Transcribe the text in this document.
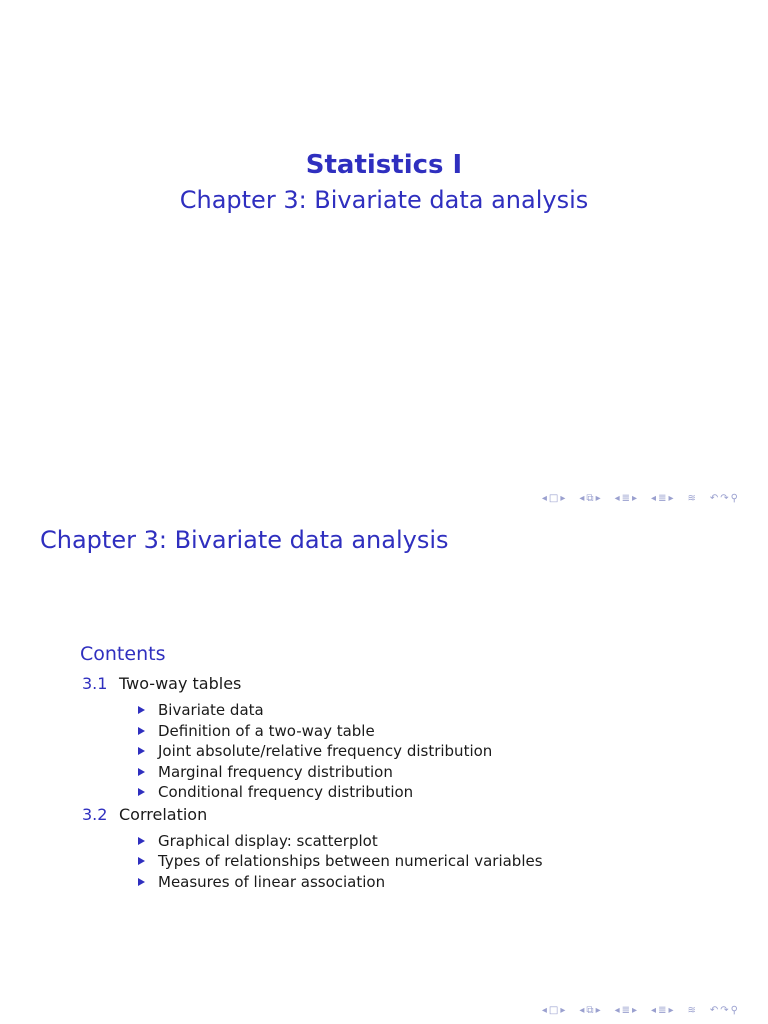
Statistics I
Chapter 3: Bivariate data analysis
◂ □ ▸ ◂ ⧉ ▸ ◂ ≣ ▸ ◂ ≣ ▸ ≋ ↶ ↷ ⚲
Chapter 3: Bivariate data analysis
Contents
3.1 Two-way tables
Bivariate data
Definition of a two-way table
Joint absolute/relative frequency distribution
Marginal frequency distribution
Conditional frequency distribution
3.2 Correlation
Graphical display: scatterplot
Types of relationships between numerical variables
Measures of linear association
◂ □ ▸ ◂ ⧉ ▸ ◂ ≣ ▸ ◂ ≣ ▸ ≋ ↶ ↷ ⚲
